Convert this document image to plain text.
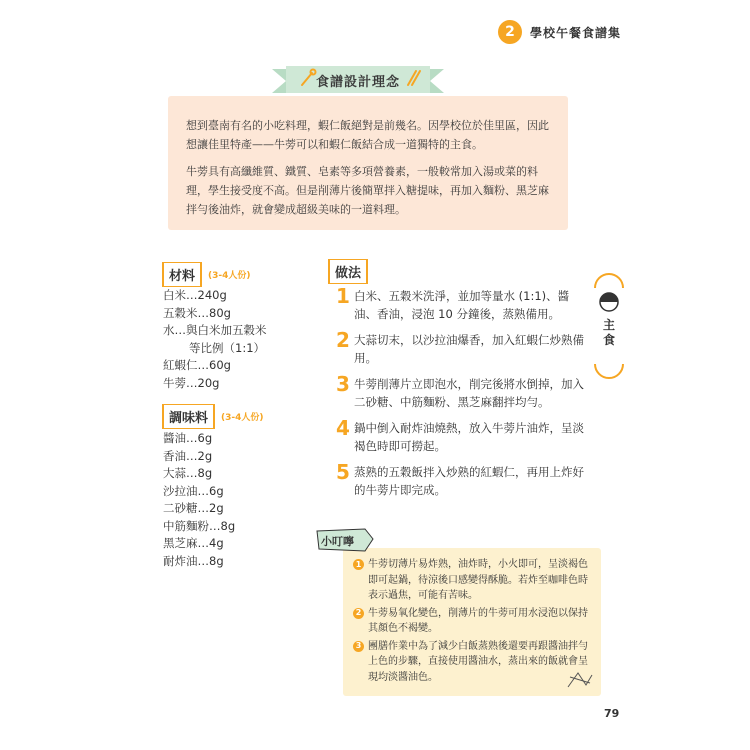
2	學校午餐食譜集
食譜設計理念

想到臺南有名的小吃料理，蝦仁飯絕對是前幾名。因學校位於佳里區，因此想讓佳里特產——牛蒡可以和蝦仁飯結合成一道獨特的主食。

牛蒡具有高纖維質、鐵質、皂素等多項營養素，一般較常加入湯或菜的料理，學生接受度不高。但是削薄片後簡單拌入糖提味，再加入麵粉、黑芝麻拌勻後油炸，就會變成超級美味的一道料理。

材料	(3-4人份)
白米…240g
五穀米…80g
水…與白米加五穀米
等比例（1:1）
紅蝦仁…60g
牛蒡…20g
調味料	(3-4人份)
醬油…6g
香油…2g
大蒜…8g
沙拉油…6g
二砂糖…2g
中筋麵粉…8g
黑芝麻…4g
耐炸油…8g
做法
1 白米、五穀米洗淨，並加等量水 (1:1)、醬油、香油，浸泡 10 分鐘後，蒸熟備用。
2 大蒜切末，以沙拉油爆香，加入紅蝦仁炒熟備用。
3 牛蒡削薄片立即泡水，削完後將水倒掉，加入二砂糖、中筋麵粉、黑芝麻翻拌均勻。
4 鍋中倒入耐炸油燒熱，放入牛蒡片油炸，呈淡褐色時即可撈起。
5 蒸熟的五穀飯拌入炒熟的紅蝦仁，再用上炸好的牛蒡片即完成。
主食
小叮嚀
1 牛蒡切薄片易炸熟，油炸時，小火即可，呈淡褐色即可起鍋，待涼後口感變得酥脆。若炸至咖啡色時表示過焦，可能有苦味。
2 牛蒡易氧化變色，削薄片的牛蒡可用水浸泡以保持其顏色不褐變。
3 團膳作業中為了減少白飯蒸熟後還要再跟醬油拌勻上色的步驟，直接使用醬油水，蒸出來的飯就會呈現均淡醬油色。
79
